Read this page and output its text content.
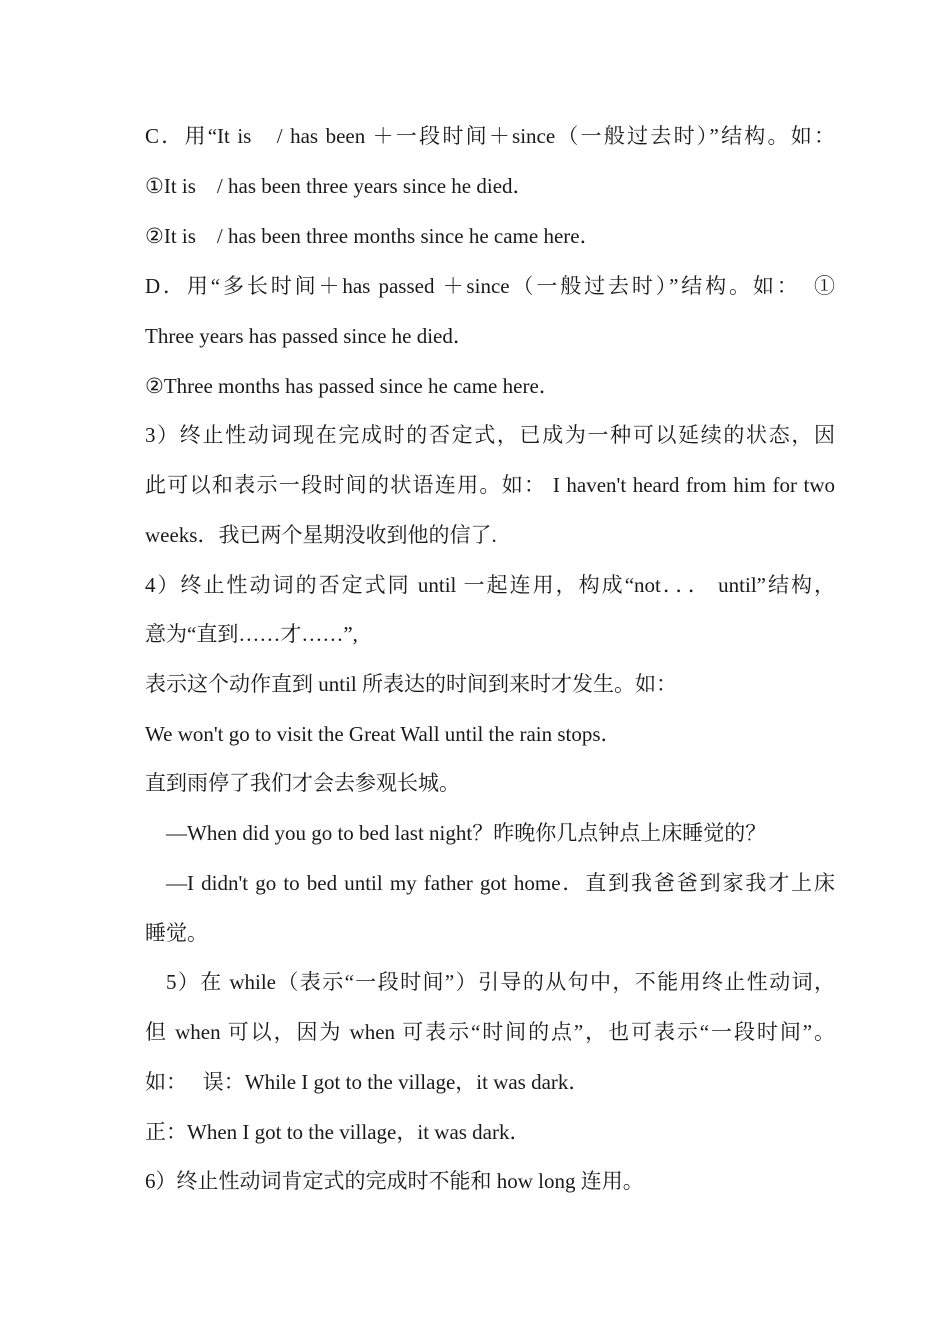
C．用“It is　/ has been ＋一段时间＋since（一般过去时）”结构。如：
①It is　/ has been three years since he died．
②It is　/ has been three months since he came here．
D．用“多长时间＋has passed ＋since（一般过去时）”结构。如：　①
Three years has passed since he died．
②Three months has passed since he came here．
3）终止性动词现在完成时的否定式，已成为一种可以延续的状态，因
此可以和表示一段时间的状语连用。如： I haven't heard from him for two
weeks．我已两个星期没收到他的信了.
4）终止性动词的否定式同 until 一起连用，构成“not．．． until”结构，
意为“直到……才……”,
表示这个动作直到 until 所表达的时间到来时才发生。如：
We won't go to visit the Great Wall until the rain stops．
直到雨停了我们才会去参观长城。
—When did you go to bed last night？昨晚你几点钟点上床睡觉的？
—I didn't go to bed until my father got home．直到我爸爸到家我才上床
睡觉。
5）在 while（表示“一段时间”）引导的从句中，不能用终止性动词，
但 when 可以，因为 when 可表示“时间的点”，也可表示“一段时间”。
如：　 误：While I got to the village，it was dark．
正：When I got to the village，it was dark．
6）终止性动词肯定式的完成时不能和 how long 连用。
